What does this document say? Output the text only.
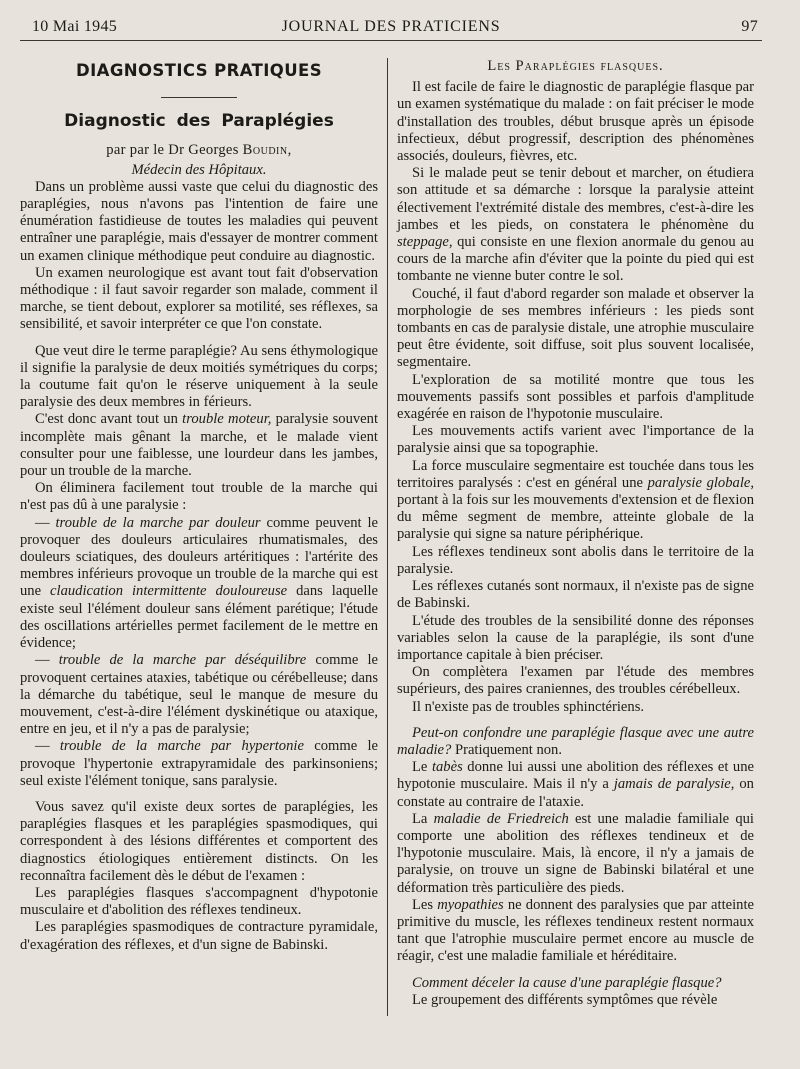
10 Mai 1945	JOURNAL DES PRATICIENS	97
DIAGNOSTICS PRATIQUES
Diagnostic des Paraplégies
par par le Dr Georges Boudin,
Médecin des Hôpitaux.

Dans un problème aussi vaste que celui du diagnostic des paraplégies, nous n'avons pas l'intention de faire une énumération fastidieuse de toutes les maladies qui peuvent entraîner une paraplégie, mais d'essayer de montrer comment un examen clinique méthodique peut conduire au diagnostic.

Un examen neurologique est avant tout fait d'observation méthodique : il faut savoir regarder son malade, comment il marche, se tient debout, explorer sa motilité, ses réflexes, sa sensibilité, et savoir interpréter ce que l'on constate.

Que veut dire le terme paraplégie? Au sens éthymologique il signifie la paralysie de deux moitiés symétriques du corps; la coutume fait qu'on le réserve uniquement à la seule paralysie des deux membres in férieurs.

C'est donc avant tout un trouble moteur, paralysie souvent incomplète mais gênant la marche, et le malade vient consulter pour une faiblesse, une lourdeur dans les jambes, pour un trouble de la marche.

On éliminera facilement tout trouble de la marche qui n'est pas dû à une paralysie :

— trouble de la marche par douleur comme peuvent le provoquer des douleurs articulaires rhumatismales, des douleurs sciatiques, des douleurs artéritiques : l'artérite des membres inférieurs provoque un trouble de la marche qui est une claudication intermittente douloureuse dans laquelle existe seul l'élément douleur sans élément parétique; l'étude des oscillations artérielles permet facilement de le mettre en évidence;

— trouble de la marche par déséquilibre comme le provoquent certaines ataxies, tabétique ou cérébelleuse; dans la démarche du tabétique, seul le manque de mesure du mouvement, c'est-à-dire l'élément dyskinétique ou ataxique, entre en jeu, et il n'y a pas de paralysie;

— trouble de la marche par hypertonie comme le provoque l'hypertonie extrapyramidale des parkinsoniens; seul existe l'élément tonique, sans paralysie.

Vous savez qu'il existe deux sortes de paraplégies, les paraplégies flasques et les paraplégies spasmodiques, qui correspondent à des lésions différentes et comportent des diagnostics étiologiques entièrement distincts. On les reconnaîtra facilement dès le début de l'examen :

Les paraplégies flasques s'accompagnent d'hypotonie musculaire et d'abolition des réflexes tendineux.

Les paraplégies spasmodiques de contracture pyramidale, d'exagération des réflexes, et d'un signe de Babinski.

Les Paraplégies flasques.

Il est facile de faire le diagnostic de paraplégie flasque par un examen systématique du malade : on fait préciser le mode d'installation des troubles, début brusque après un épisode infectieux, début progressif, description des phénomènes associés, douleurs, fièvres, etc.

Si le malade peut se tenir debout et marcher, on étudiera son attitude et sa démarche : lorsque la paralysie atteint électivement l'extrémité distale des membres, c'est-à-dire les jambes et les pieds, on constatera le phénomène du steppage, qui consiste en une flexion anormale du genou au cours de la marche afin d'éviter que la pointe du pied qui est tombante ne vienne buter contre le sol.

Couché, il faut d'abord regarder son malade et observer la morphologie de ses membres inférieurs : les pieds sont tombants en cas de paralysie distale, une atrophie musculaire peut être évidente, soit diffuse, soit plus souvent localisée, segmentaire.

L'exploration de sa motilité montre que tous les mouvements passifs sont possibles et parfois d'amplitude exagérée en raison de l'hypotonie musculaire.

Les mouvements actifs varient avec l'importance de la paralysie ainsi que sa topographie.

La force musculaire segmentaire est touchée dans tous les territoires paralysés : c'est en général une paralysie globale, portant à la fois sur les mouvements d'extension et de flexion du même segment de membre, atteinte globale de la paralysie qui signe sa nature périphérique.

Les réflexes tendineux sont abolis dans le territoire de la paralysie.

Les réflexes cutanés sont normaux, il n'existe pas de signe de Babinski.

L'étude des troubles de la sensibilité donne des réponses variables selon la cause de la paraplégie, ils sont d'une importance capitale à bien préciser.

On complètera l'examen par l'étude des membres supérieurs, des paires craniennes, des troubles cérébelleux.

Il n'existe pas de troubles sphinctériens.

Peut-on confondre une paraplégie flasque avec une autre maladie? Pratiquement non.

Le tabès donne lui aussi une abolition des réflexes et une hypotonie musculaire. Mais il n'y a jamais de paralysie, on constate au contraire de l'ataxie.

La maladie de Friedreich est une maladie familiale qui comporte une abolition des réflexes tendineux et de l'hypotonie musculaire. Mais, là encore, il n'y a jamais de paralysie, on trouve un signe de Babinski bilatéral et une déformation très particulière des pieds.

Les myopathies ne donnent des paralysies que par atteinte primitive du muscle, les réflexes tendineux restent normaux tant que l'atrophie musculaire permet encore au muscle de réagir, c'est une maladie familiale et héréditaire.

Comment déceler la cause d'une paraplégie flasque?

Le groupement des différents symptômes que révèle
